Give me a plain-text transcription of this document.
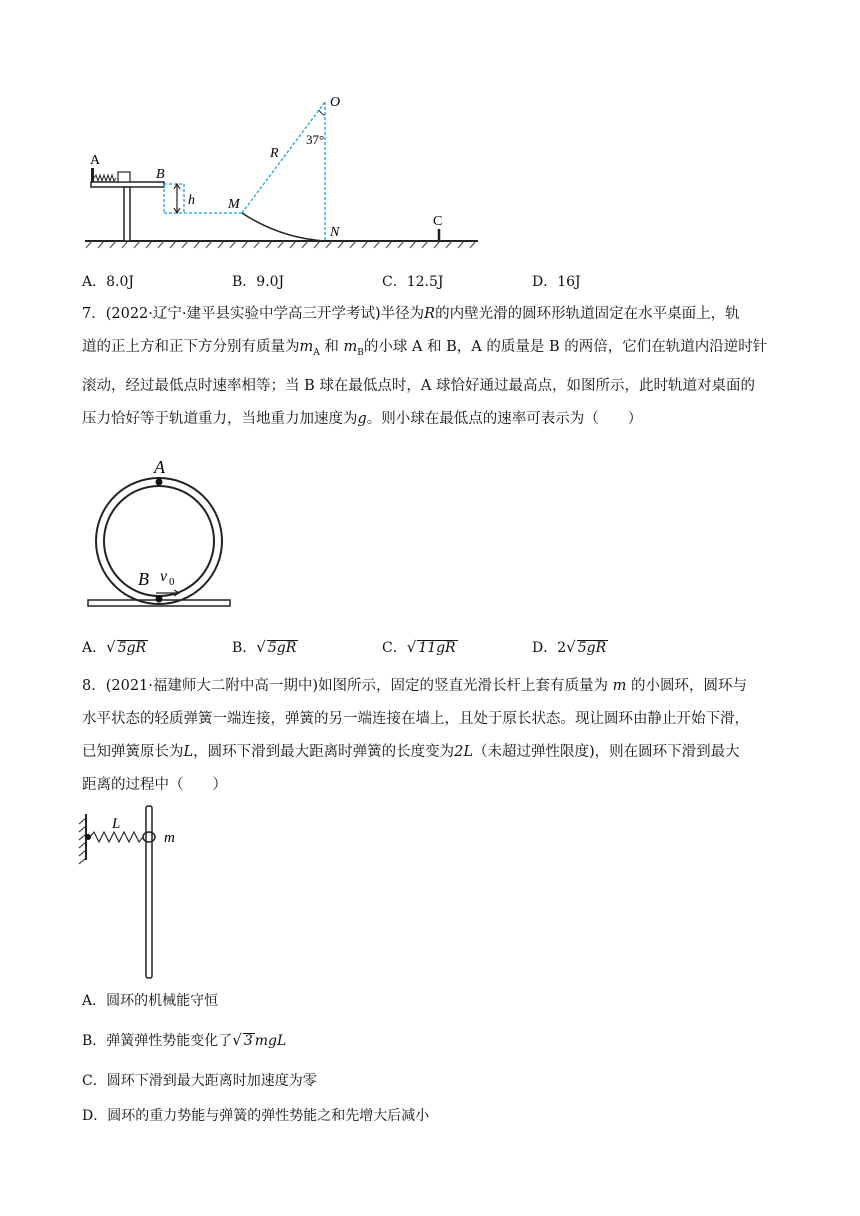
A
B
h M
R
O
37°
N
C
A．8.0J	B．9.0J	C．12.5J	D．16J
7．(2022·辽宁·建平县实验中学高三开学考试)半径为R的内壁光滑的圆环形轨道固定在水平桌面上，轨
道的正上方和正下方分别有质量为$m_A$ 和 $m_B$的小球 A 和 B，A 的质量是 B 的两倍，它们在轨道内沿逆时针
滚动，经过最低点时速率相等；当 B 球在最低点时，A 球恰好通过最高点，如图所示，此时轨道对桌面的
压力恰好等于轨道重力，当地重力加速度为g。则小球在最低点的速率可表示为（　　）
A
B v 0
A．√ 5gR	B．√ 5gR	C．√ 11gR	D．2√ 5gR
8．(2021·福建师大二附中高一期中)如图所示，固定的竖直光滑长杆上套有质量为 m 的小圆环，圆环与
水平状态的轻质弹簧一端连接，弹簧的另一端连接在墙上，且处于原长状态。现让圆环由静止开始下滑，
已知弹簧原长为L，圆环下滑到最大距离时弹簧的长度变为2L（未超过弹性限度)，则在圆环下滑到最大
距离的过程中（　　）
L
m
A．圆环的机械能守恒
B．弹簧弹性势能变化了√ 3 mgL
C．圆环下滑到最大距离时加速度为零
D．圆环的重力势能与弹簧的弹性势能之和先增大后减小
